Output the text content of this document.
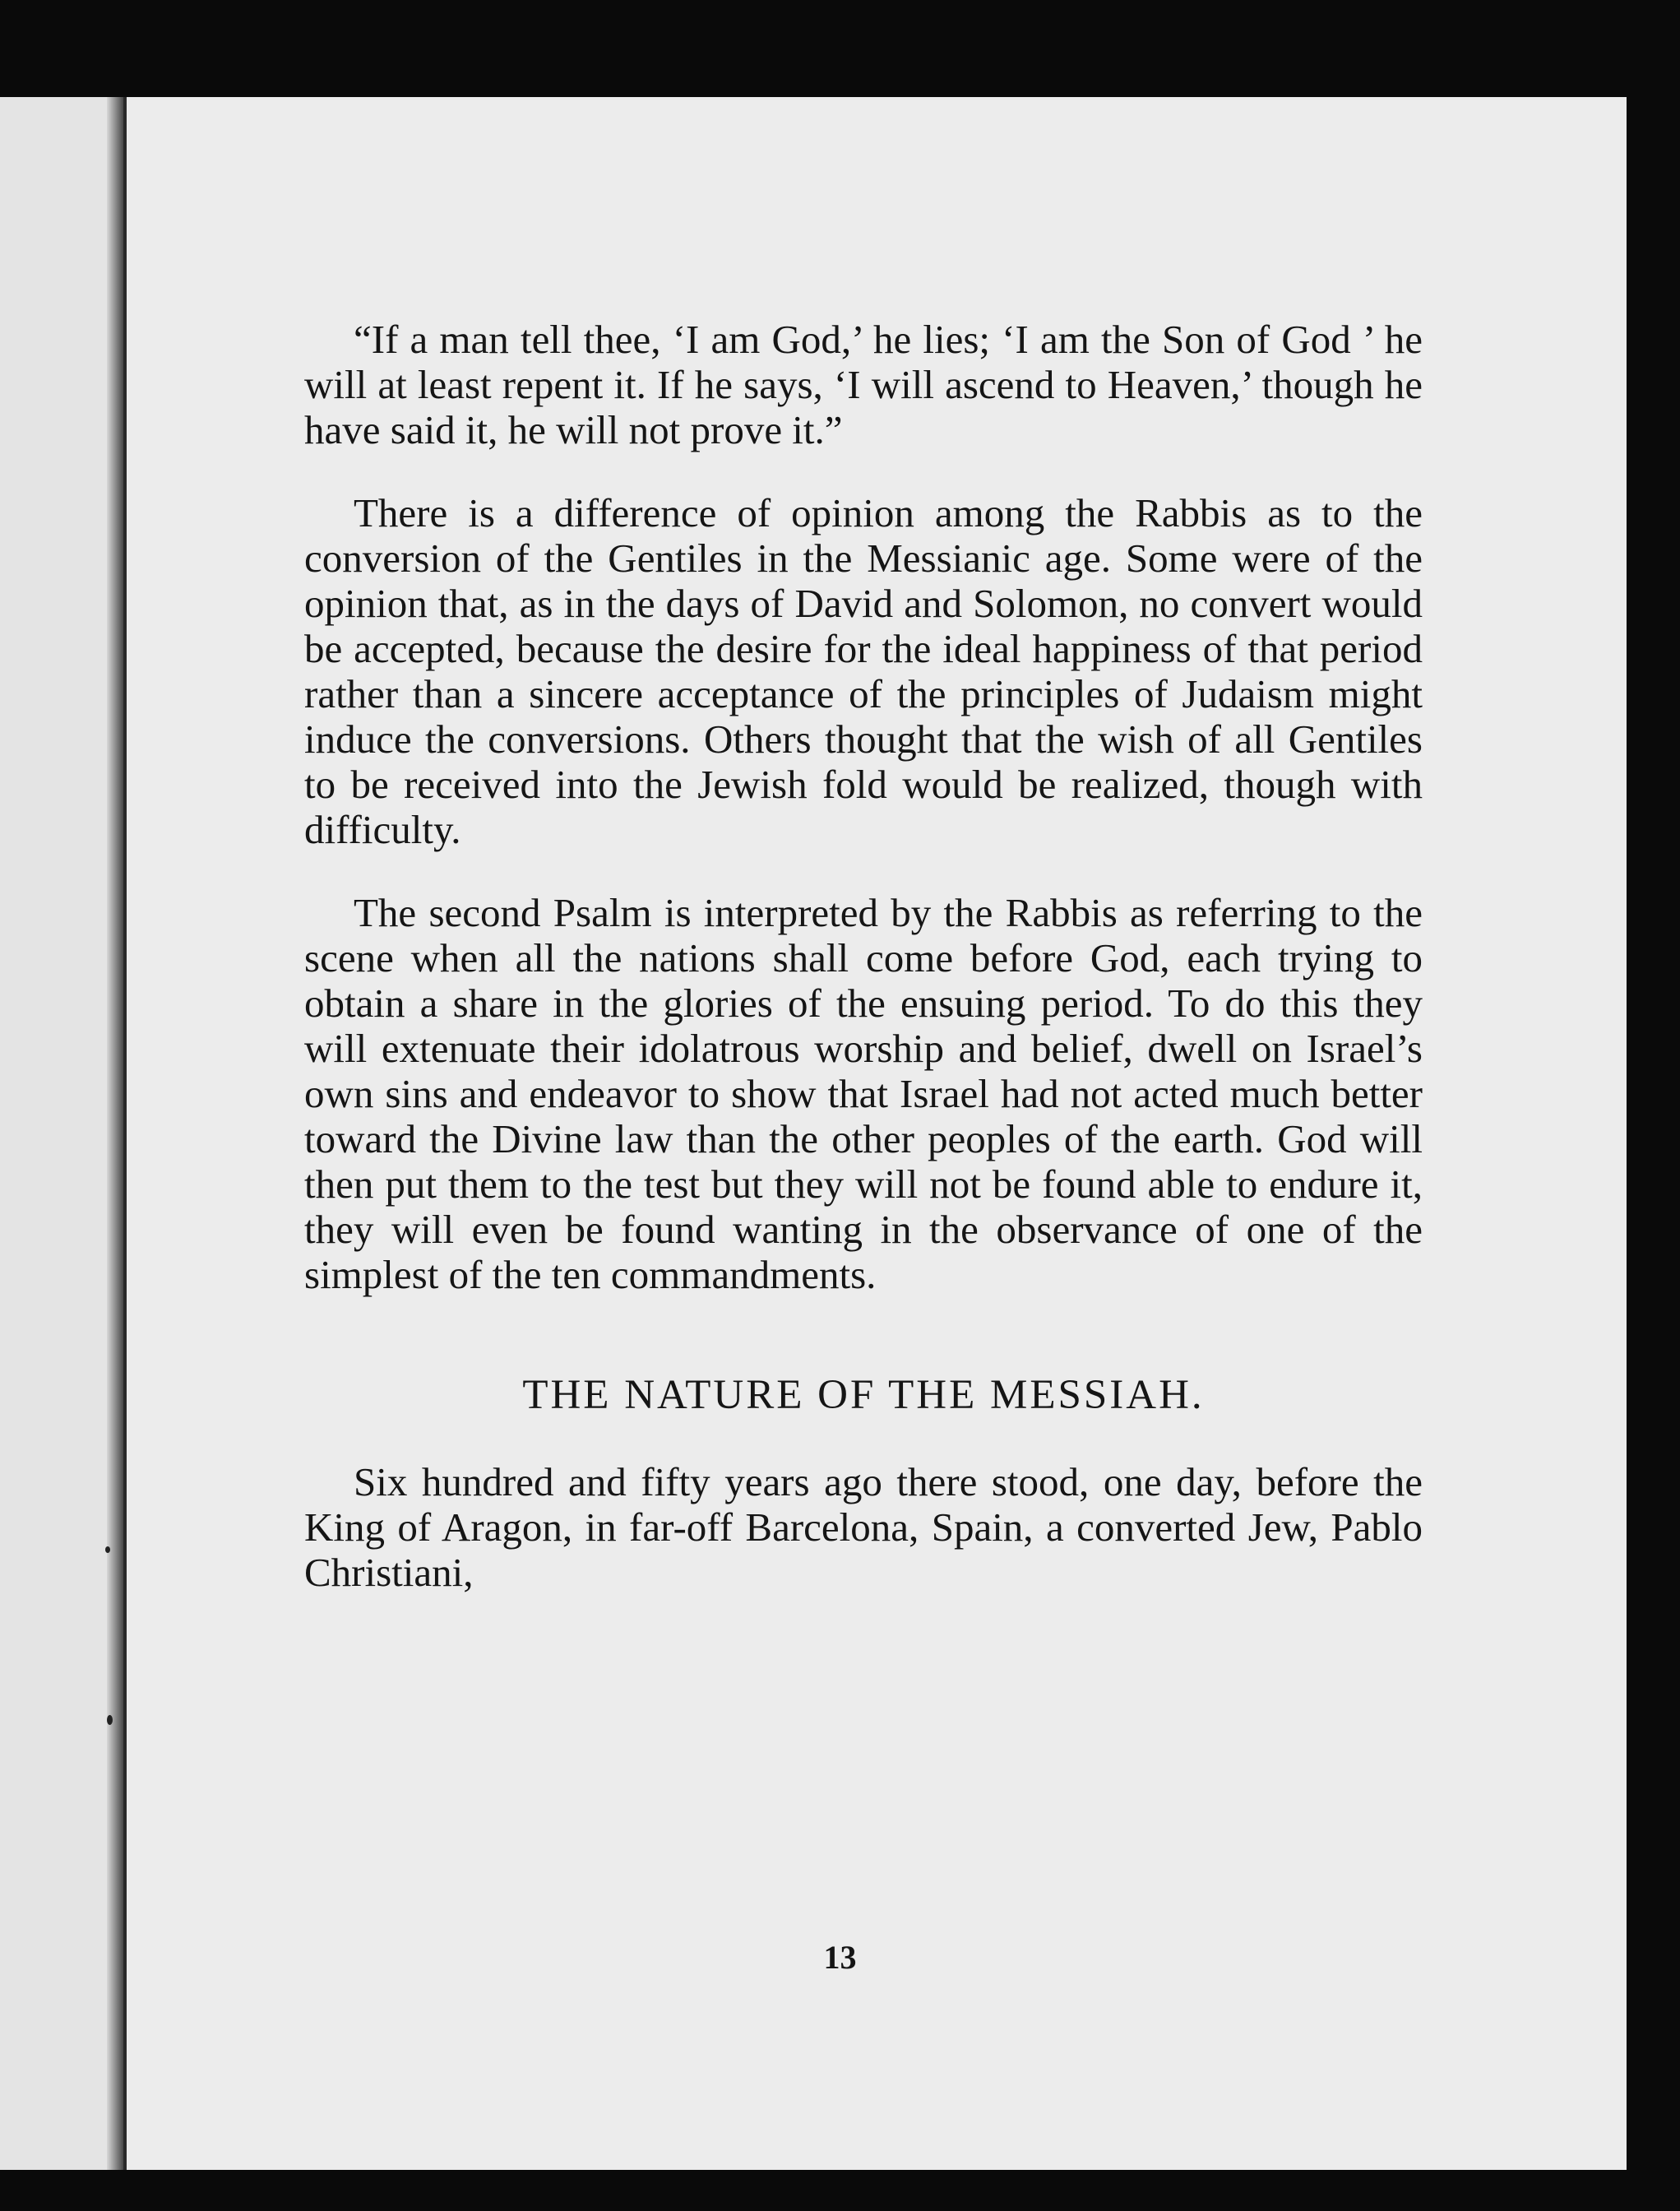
“If a man tell thee, ‘I am God,’ he lies; ‘I am the Son of God ’ he will at least repent it. If he says, ‘I will ascend to Heaven,’ though he have said it, he will not prove it.”

There is a difference of opinion among the Rabbis as to the conversion of the Gentiles in the Messianic age. Some were of the opinion that, as in the days of David and Solomon, no convert would be accepted, because the desire for the ideal happiness of that period rather than a sincere acceptance of the principles of Judaism might induce the conversions. Others thought that the wish of all Gentiles to be received into the Jewish fold would be realized, though with difficulty.

The second Psalm is interpreted by the Rabbis as referring to the scene when all the nations shall come before God, each trying to obtain a share in the glories of the ensuing period. To do this they will extenuate their idolatrous worship and belief, dwell on Israel’s own sins and endeavor to show that Israel had not acted much better toward the Divine law than the other peoples of the earth. God will then put them to the test but they will not be found able to endure it, they will even be found wanting in the observance of one of the simplest of the ten commandments.

THE NATURE OF THE MESSIAH.

Six hundred and fifty years ago there stood, one day, before the King of Aragon, in far-off Barcelona, Spain, a converted Jew, Pablo Christiani,

13
